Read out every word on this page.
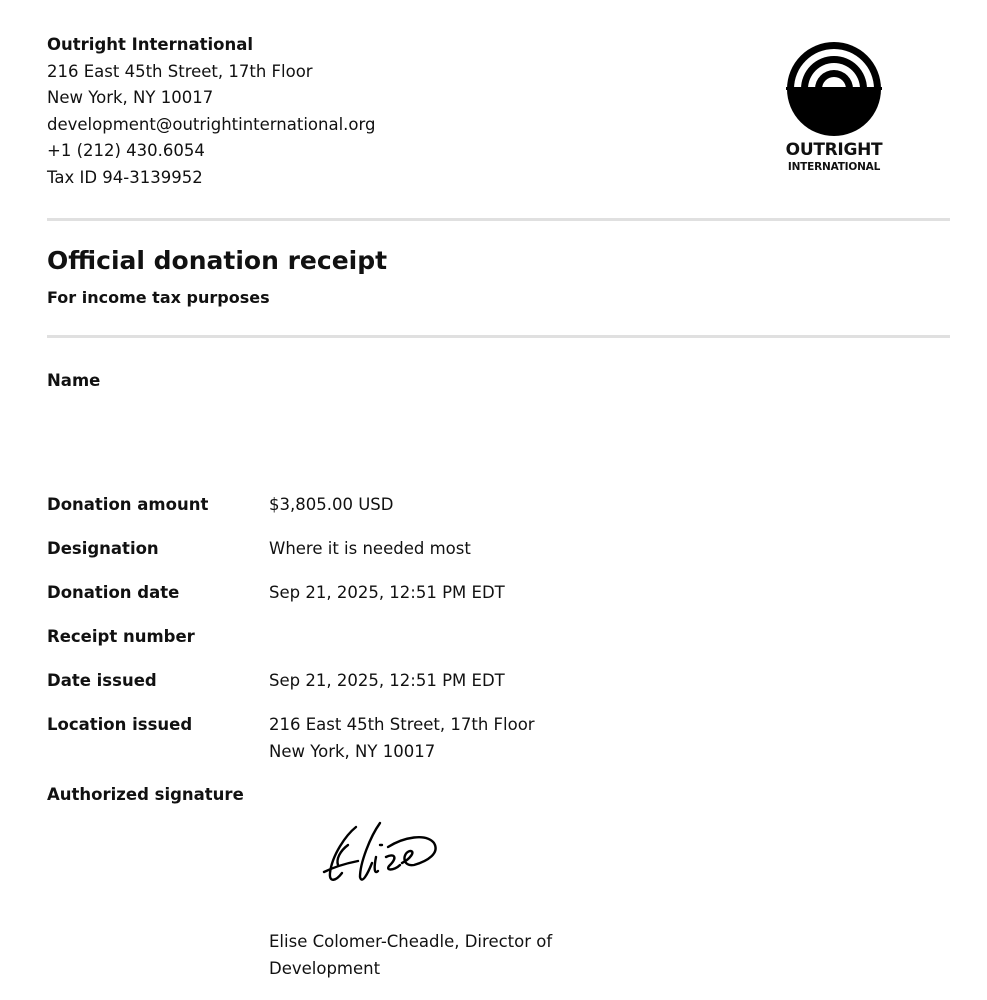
Outright International
216 East 45th Street, 17th Floor
New York, NY 10017
development@outrightinternational.org
+1 (212) 430.6054
Tax ID 94-3139952
OUTRIGHT
INTERNATIONAL
Official donation receipt
For income tax purposes
Name
Donation amount	$3,805.00 USD
Designation	Where it is needed most
Donation date	Sep 21, 2025, 12:51 PM EDT
Receipt number
Date issued	Sep 21, 2025, 12:51 PM EDT
Location issued	216 East 45th Street, 17th Floor
New York, NY 10017
Authorized signature
Elise Colomer-Cheadle, Director of
Development
